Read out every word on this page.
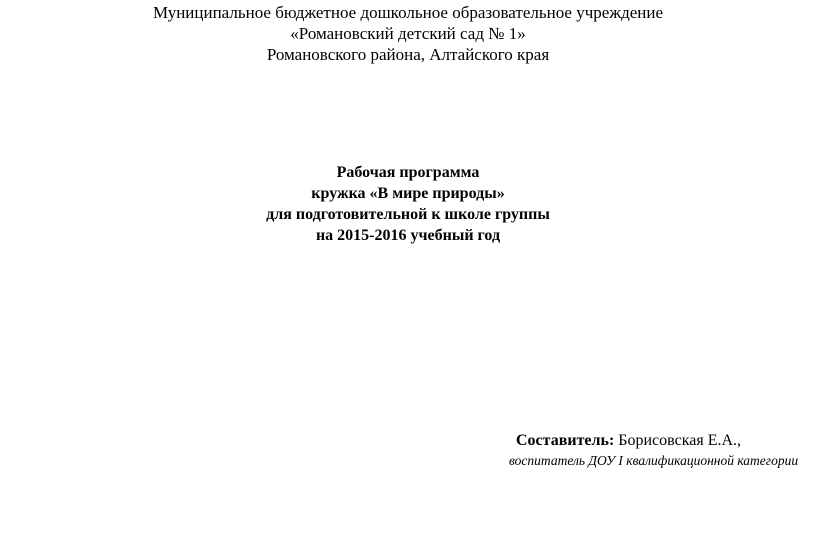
Муниципальное бюджетное дошкольное образовательное учреждение
«Романовский детский сад № 1»
Романовского района, Алтайского края
Рабочая программа
кружка «В мире природы»
для подготовительной к школе группы
на 2015-2016 учебный год
Составитель: Борисовская Е.А.,
воспитатель ДОУ I квалификационной категории
